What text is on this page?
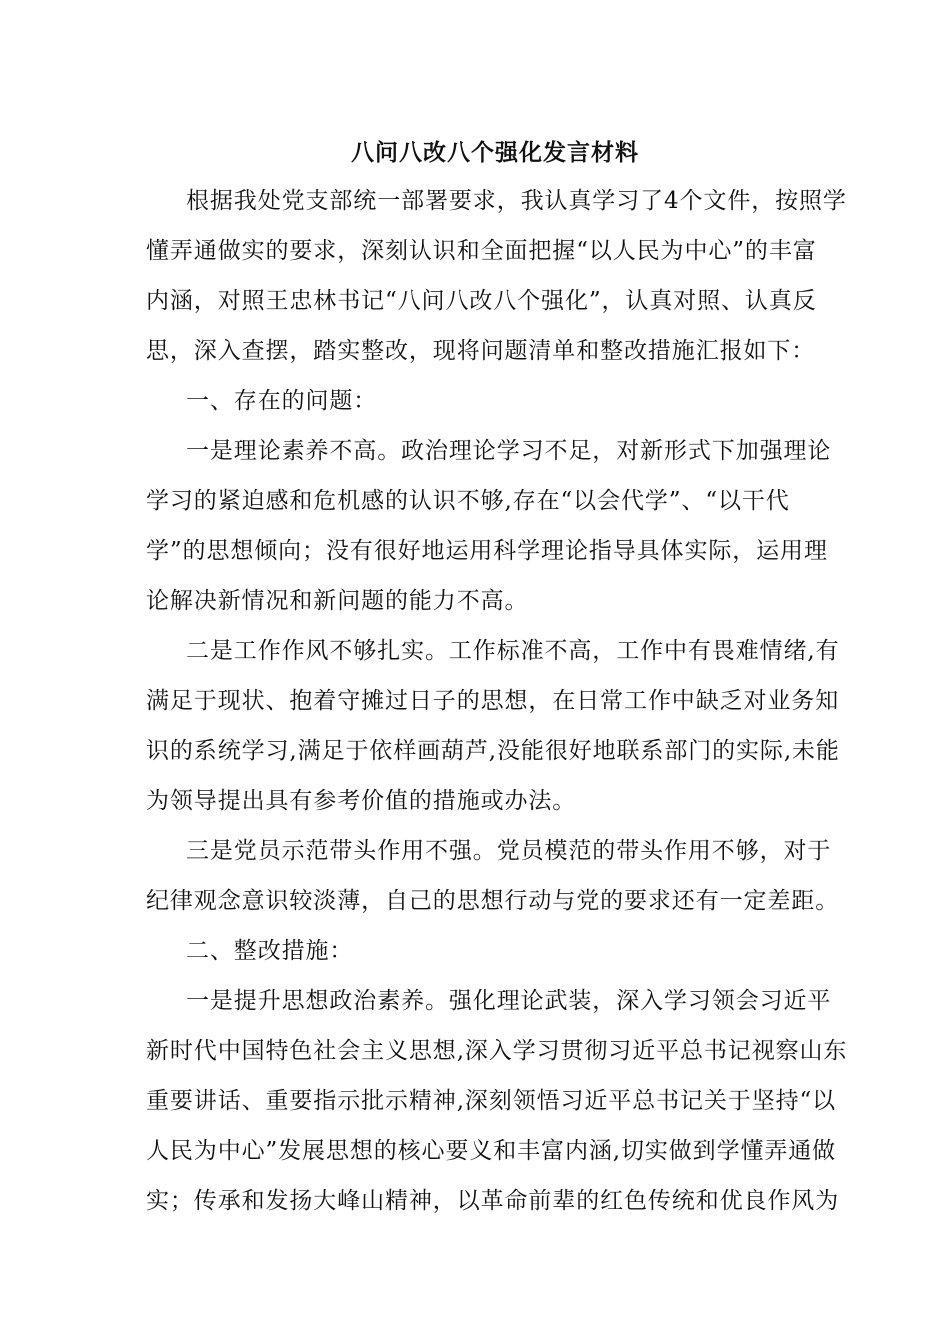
八问八改八个强化发言材料
根据我处党支部统一部署要求，我认真学习了4个文件，按照学
懂弄通做实的要求，深刻认识和全面把握“以人民为中心”的丰富
内涵，对照王忠林书记“八问八改八个强化”，认真对照、认真反
思，深入查摆，踏实整改，现将问题清单和整改措施汇报如下：
一、存在的问题：
一是理论素养不高。政治理论学习不足，对新形式下加强理论
学习的紧迫感和危机感的认识不够,存在“以会代学”、“以干代
学”的思想倾向；没有很好地运用科学理论指导具体实际，运用理
论解决新情况和新问题的能力不高。
二是工作作风不够扎实。工作标准不高，工作中有畏难情绪,有
满足于现状、抱着守摊过日子的思想，在日常工作中缺乏对业务知
识的系统学习,满足于依样画葫芦,没能很好地联系部门的实际,未能
为领导提出具有参考价值的措施或办法。
三是党员示范带头作用不强。党员模范的带头作用不够，对于
纪律观念意识较淡薄，自己的思想行动与党的要求还有一定差距。
二、整改措施：
一是提升思想政治素养。强化理论武装，深入学习领会习近平
新时代中国特色社会主义思想,深入学习贯彻习近平总书记视察山东
重要讲话、重要指示批示精神,深刻领悟习近平总书记关于坚持“以
人民为中心”发展思想的核心要义和丰富内涵,切实做到学懂弄通做
实；传承和发扬大峰山精神，以革命前辈的红色传统和优良作风为
